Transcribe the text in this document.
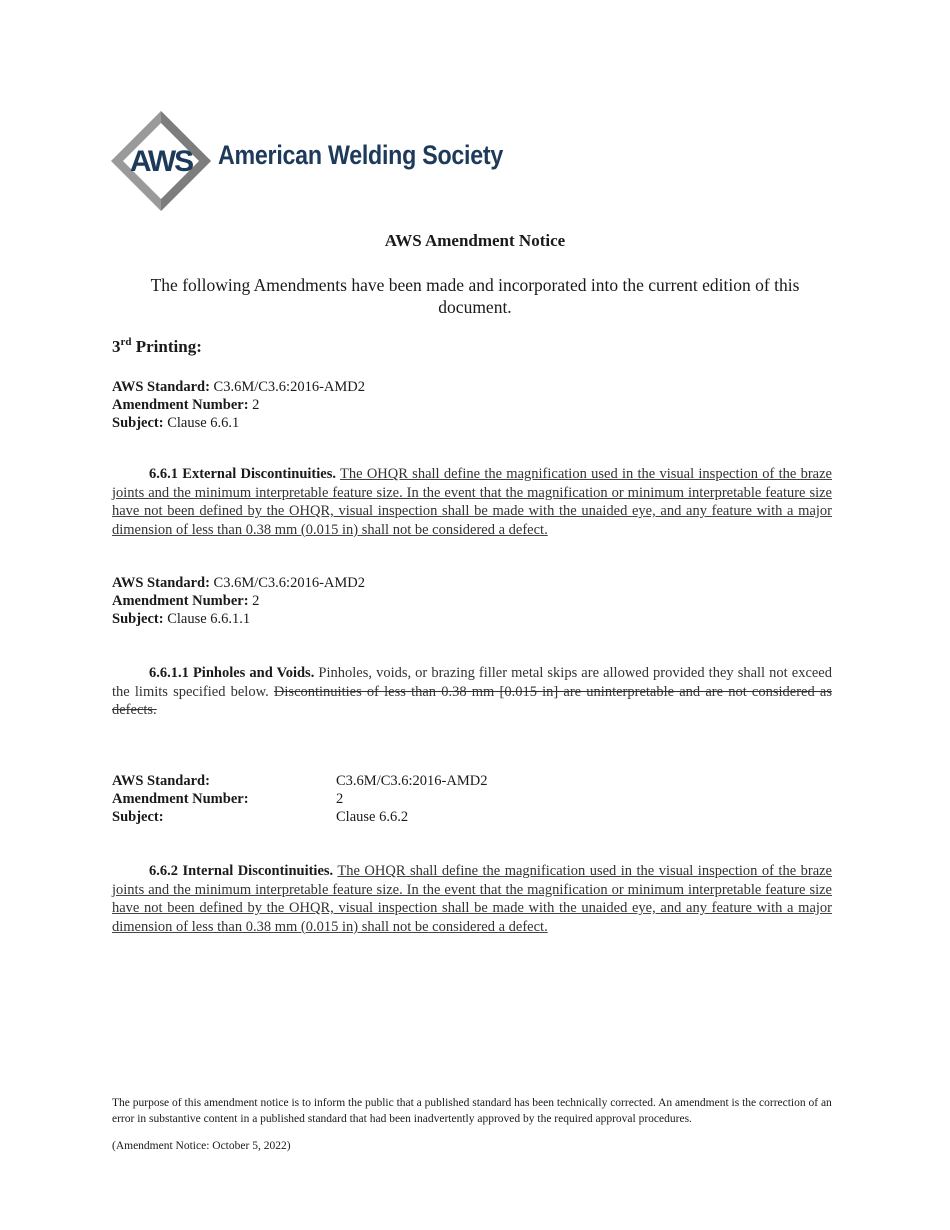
AWS American Welding Society
AWS Amendment Notice
The following Amendments have been made and incorporated into the current edition of this document.
3rd Printing:
AWS Standard: C3.6M/C3.6:2016-AMD2
Amendment Number: 2
Subject: Clause 6.6.1
6.6.1 External Discontinuities. The OHQR shall define the magnification used in the visual inspection of the braze joints and the minimum interpretable feature size. In the event that the magnification or minimum interpretable feature size have not been defined by the OHQR, visual inspection shall be made with the unaided eye, and any feature with a major dimension of less than 0.38 mm (0.015 in) shall not be considered a defect.
AWS Standard: C3.6M/C3.6:2016-AMD2
Amendment Number: 2
Subject: Clause 6.6.1.1
6.6.1.1 Pinholes and Voids. Pinholes, voids, or brazing filler metal skips are allowed provided they shall not exceed the limits specified below. Discontinuities of less than 0.38 mm [0.015 in] are uninterpretable and are not considered as defects.
AWS Standard:	C3.6M/C3.6:2016-AMD2
Amendment Number:	2
Subject:	Clause 6.6.2
6.6.2 Internal Discontinuities. The OHQR shall define the magnification used in the visual inspection of the braze joints and the minimum interpretable feature size. In the event that the magnification or minimum interpretable feature size have not been defined by the OHQR, visual inspection shall be made with the unaided eye, and any feature with a major dimension of less than 0.38 mm (0.015 in) shall not be considered a defect.
The purpose of this amendment notice is to inform the public that a published standard has been technically corrected. An amendment is the correction of an error in substantive content in a published standard that had been inadvertently approved by the required approval procedures.
(Amendment Notice: October 5, 2022)
